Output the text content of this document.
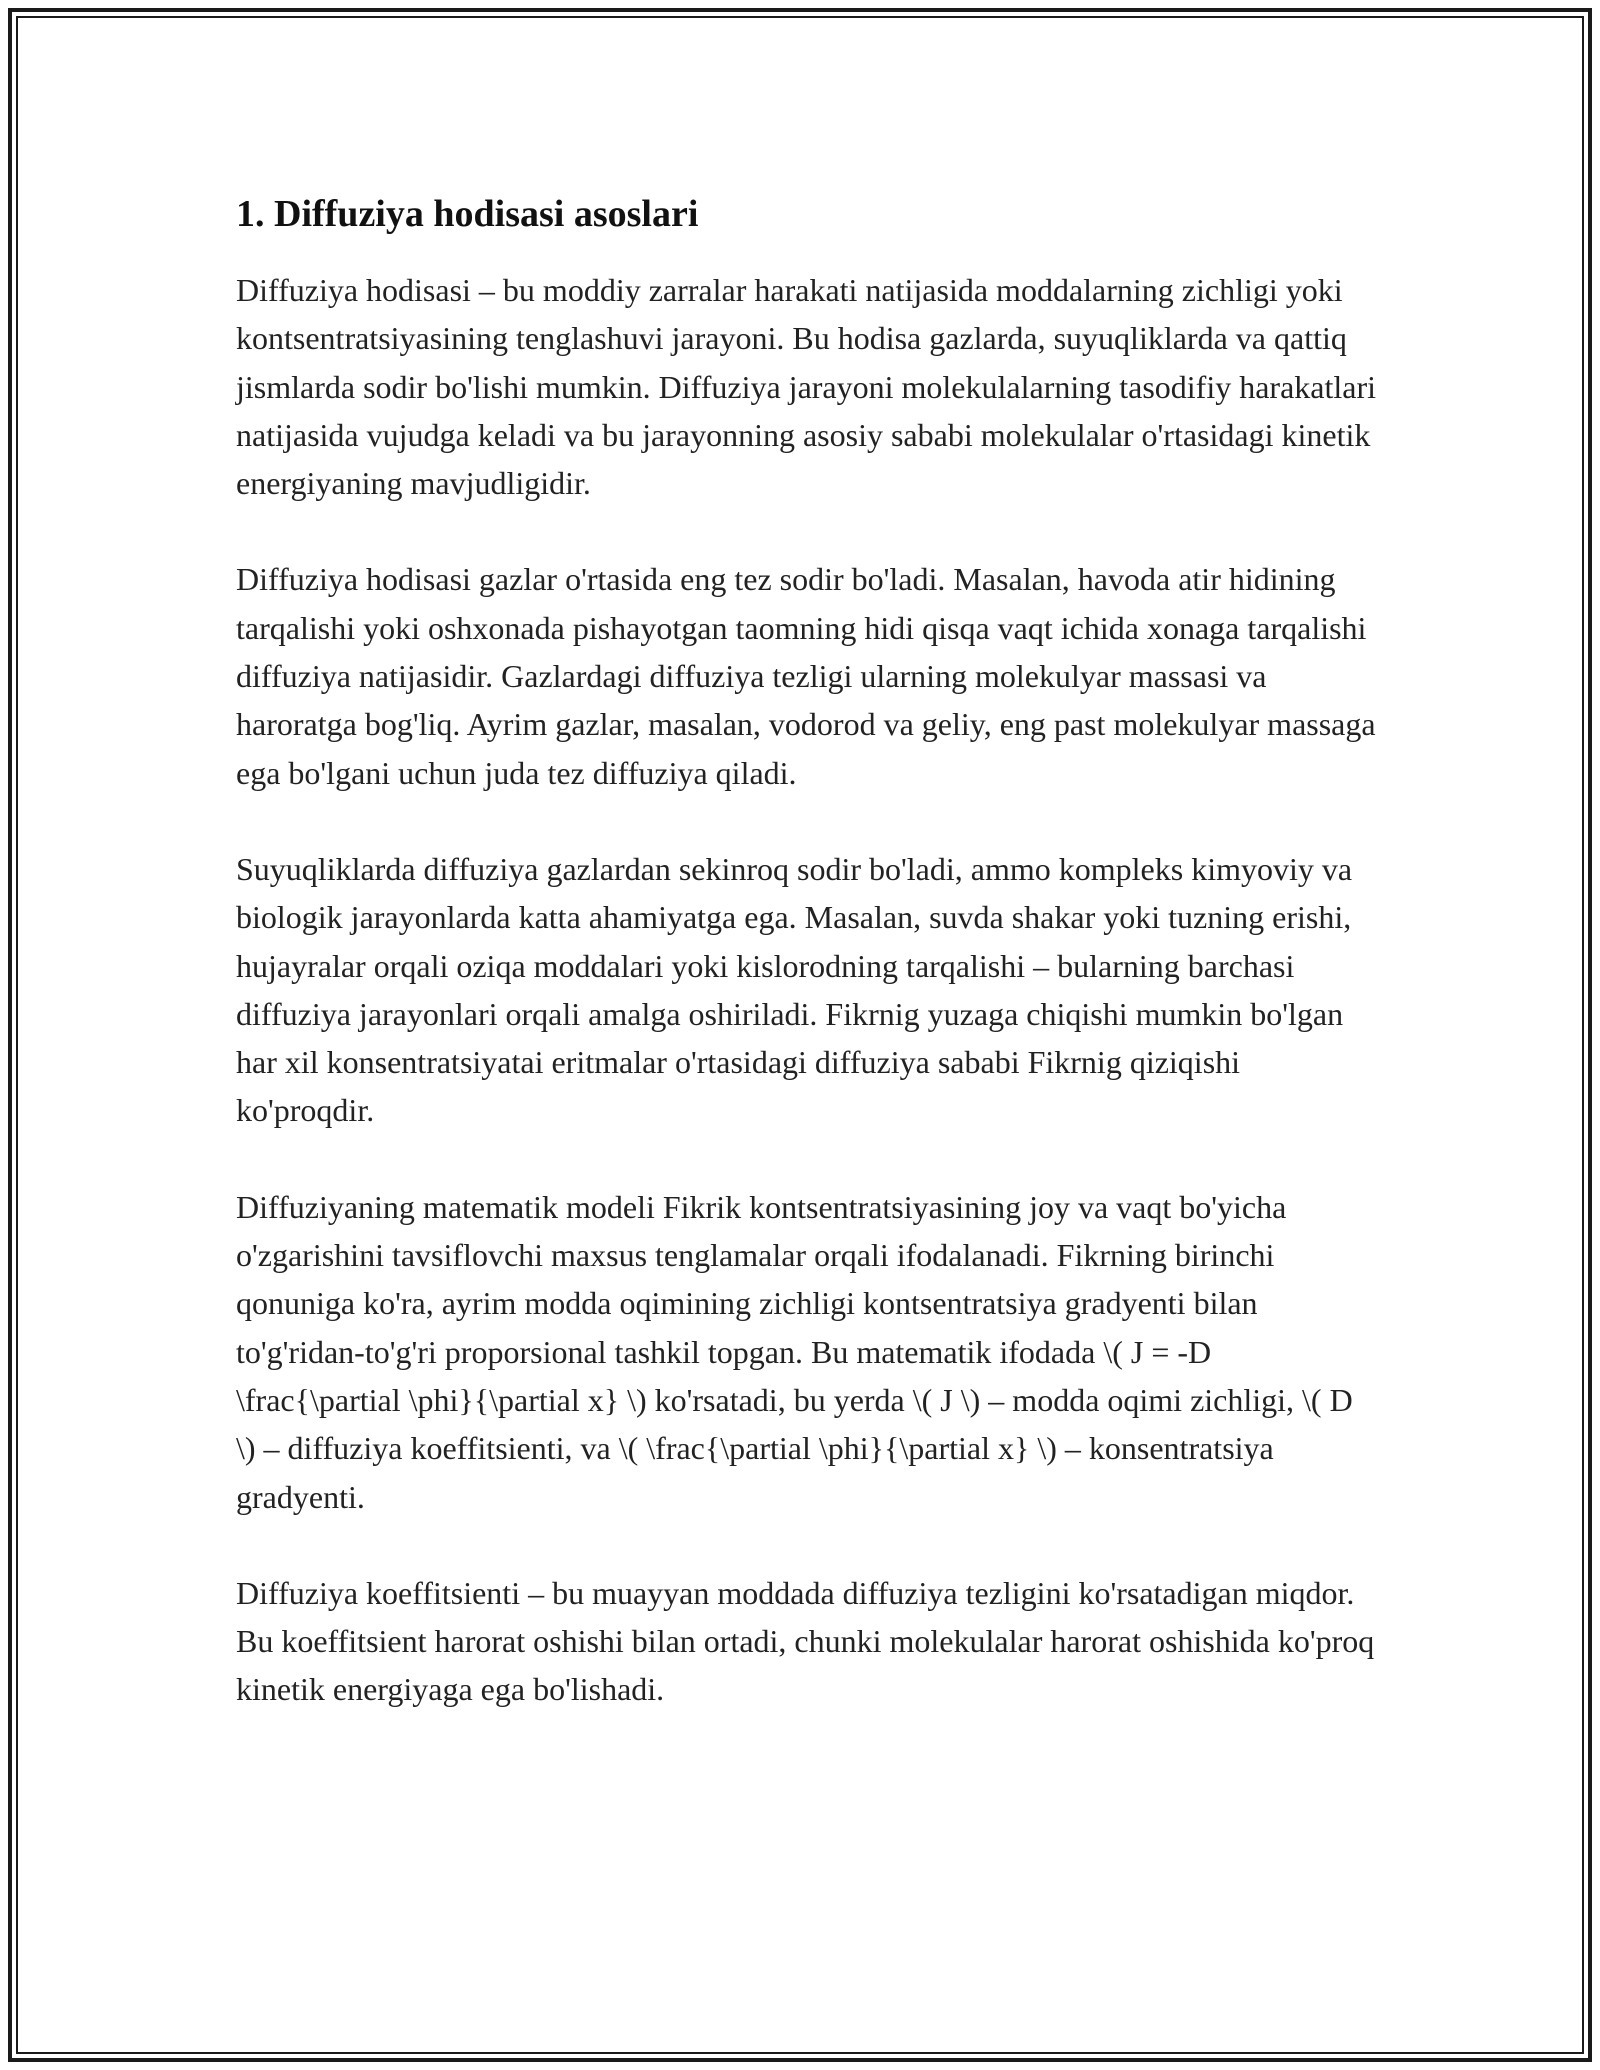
1. Diffuziya hodisasi asoslari

Diffuziya hodisasi – bu moddiy zarralar harakati natijasida moddalarning zichligi yoki kontsentratsiyasining tenglashuvi jarayoni. Bu hodisa gazlarda, suyuqliklarda va qattiq jismlarda sodir bo'lishi mumkin. Diffuziya jarayoni molekulalarning tasodifiy harakatlari natijasida vujudga keladi va bu jarayonning asosiy sababi molekulalar o'rtasidagi kinetik energiyaning mavjudligidir.

Diffuziya hodisasi gazlar o'rtasida eng tez sodir bo'ladi. Masalan, havoda atir hidining tarqalishi yoki oshxonada pishayotgan taomning hidi qisqa vaqt ichida xonaga tarqalishi diffuziya natijasidir. Gazlardagi diffuziya tezligi ularning molekulyar massasi va haroratga bog'liq. Ayrim gazlar, masalan, vodorod va geliy, eng past molekulyar massaga ega bo'lgani uchun juda tez diffuziya qiladi.

Suyuqliklarda diffuziya gazlardan sekinroq sodir bo'ladi, ammo kompleks kimyoviy va biologik jarayonlarda katta ahamiyatga ega. Masalan, suvda shakar yoki tuzning erishi, hujayralar orqali oziqa moddalari yoki kislorodning tarqalishi – bularning barchasi diffuziya jarayonlari orqali amalga oshiriladi. Fikrnig yuzaga chiqishi mumkin bo'lgan har xil konsentratsiyatai eritmalar o'rtasidagi diffuziya sababi Fikrnig qiziqishi ko'proqdir.

Diffuziyaning matematik modeli Fikrik kontsentratsiyasining joy va vaqt bo'yicha o'zgarishini tavsiflovchi maxsus tenglamalar orqali ifodalanadi. Fikrning birinchi qonuniga ko'ra, ayrim modda oqimining zichligi kontsentratsiya gradyenti bilan to'g'ridan-to'g'ri proporsional tashkil topgan. Bu matematik ifodada \( J = -D \frac{\partial \phi}{\partial x} \) ko'rsatadi, bu yerda \( J \) – modda oqimi zichligi, \( D \) – diffuziya koeffitsienti, va \( \frac{\partial \phi}{\partial x} \) – konsentratsiya gradyenti.

Diffuziya koeffitsienti – bu muayyan moddada diffuziya tezligini ko'rsatadigan miqdor. Bu koeffitsient harorat oshishi bilan ortadi, chunki molekulalar harorat oshishida ko'proq kinetik energiyaga ega bo'lishadi.
